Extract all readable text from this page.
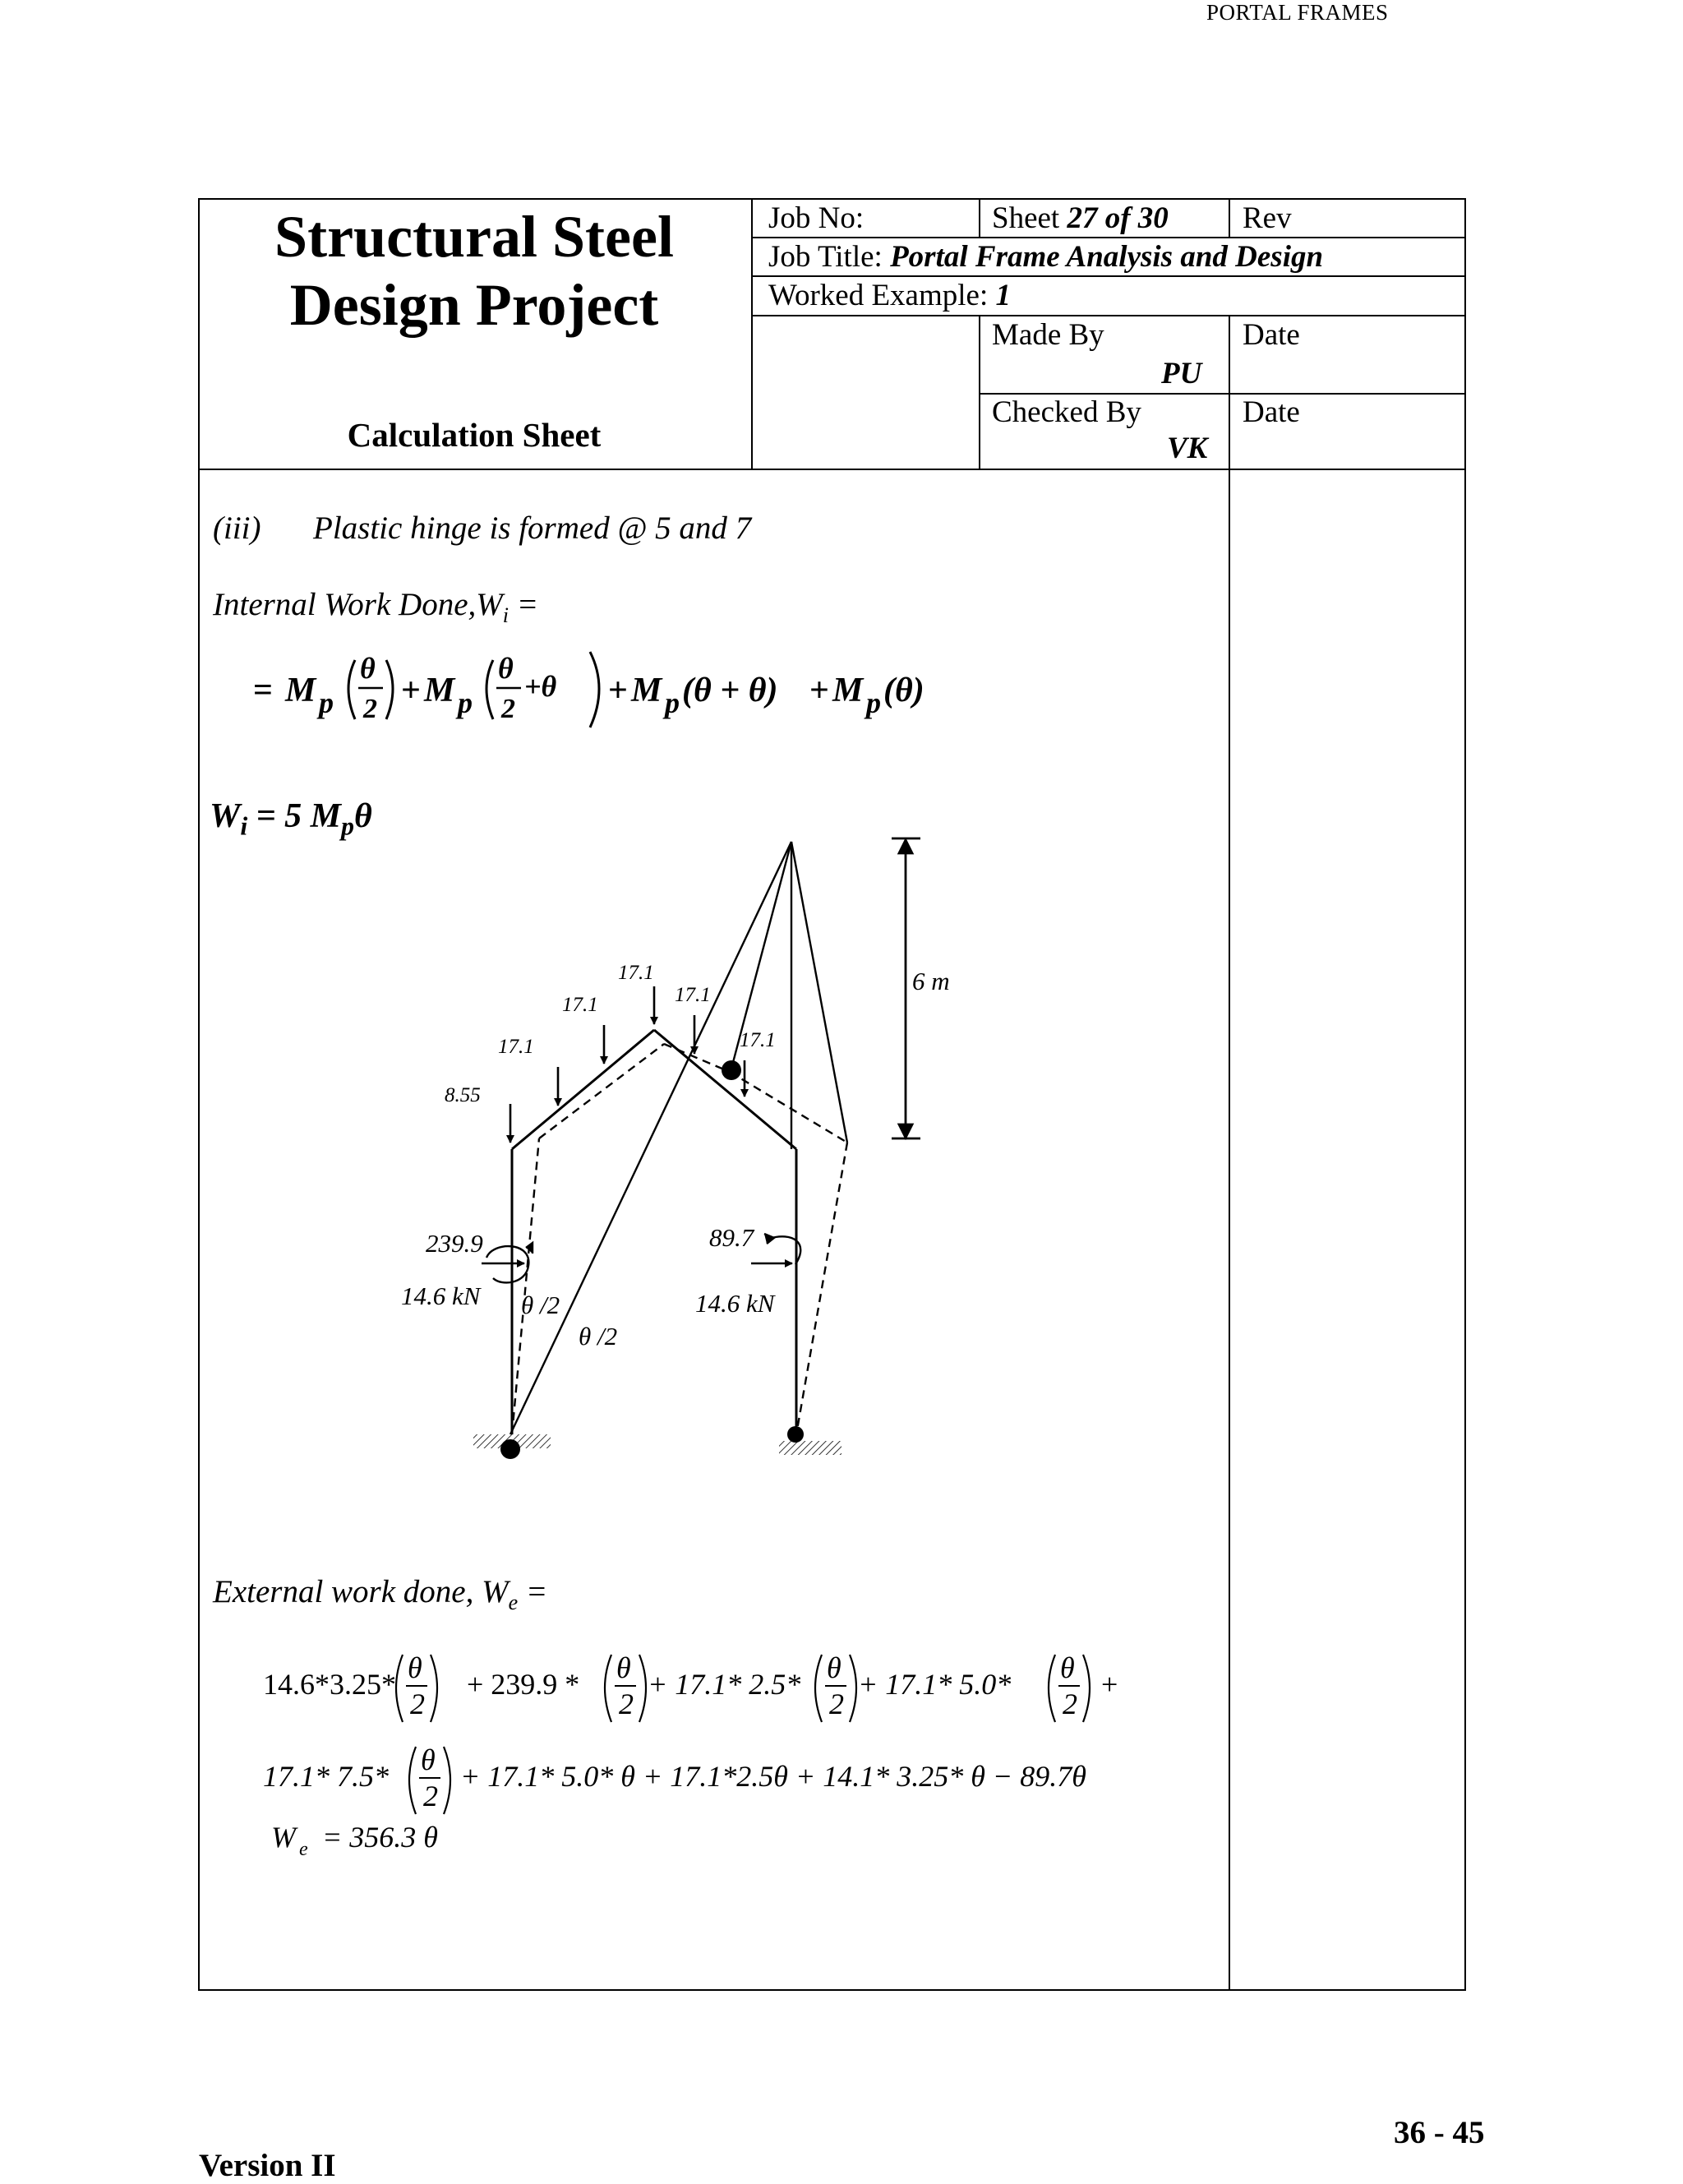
PORTAL FRAMES
36 - 45
Version II
Structural Steel
Design Project
Calculation Sheet
Job No:	Sheet 27 of 30 Rev
Job Title: Portal Frame Analysis and Design
Worked Example: 1
Made By
PU
Date
Checked By
VK
Date
(iii) Plastic hinge is formed @ 5 and 7
Internal Work $Done,W_i$ =
= M p
θ
2 + M p
θ
2
+θ + M p (θ + θ) + M p (θ)
$W_i = 5$ $M_p\theta$
6 m
8.55
17.1
17.1
17.1
17.1
17.1
239.9	89.7
14.6 kN	14.6 kN
θ /2
θ /2
External work done, $W_e$ =
14.6*3.25* θ
2
+ 239.9 * θ
2
+ 17.1* 2.5* θ
2
+ 17.1* 5.0* θ
2
+
17.1* 7.5* θ
2
+ 17.1* 5.0* θ + 17.1*2.5θ + 14.1* 3.25* θ − 89.7θ
W e = 356.3 θ
